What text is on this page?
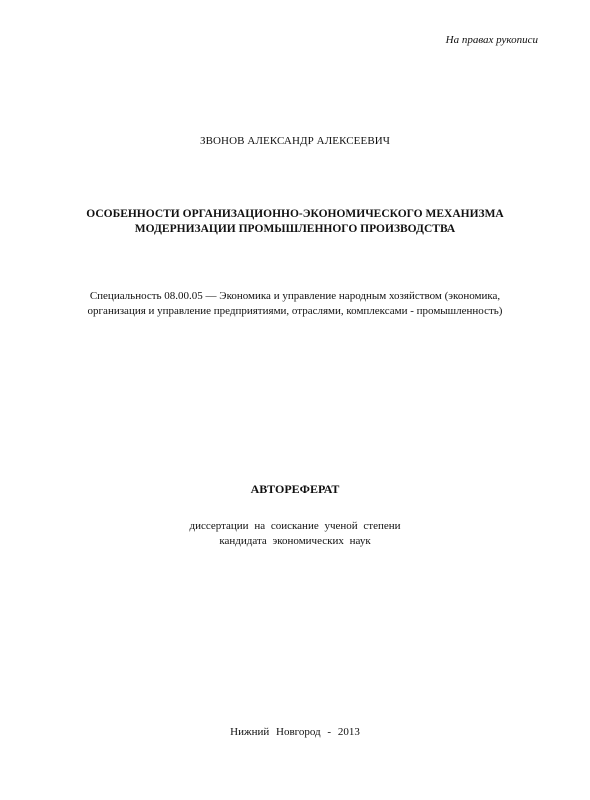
На правах рукописи
ЗВОНОВ АЛЕКСАНДР АЛЕКСЕЕВИЧ
ОСОБЕННОСТИ ОРГАНИЗАЦИОННО-ЭКОНОМИЧЕСКОГО МЕХАНИЗМА
МОДЕРНИЗАЦИИ ПРОМЫШЛЕННОГО ПРОИЗВОДСТВА
Специальность 08.00.05 — Экономика и управление народным хозяйством (экономика,
организация и управление предприятиями, отраслями, комплексами - промышленность)
АВТОРЕФЕРАТ
диссертации на соискание ученой степени
кандидата экономических наук
Нижний Новгород - 2013
